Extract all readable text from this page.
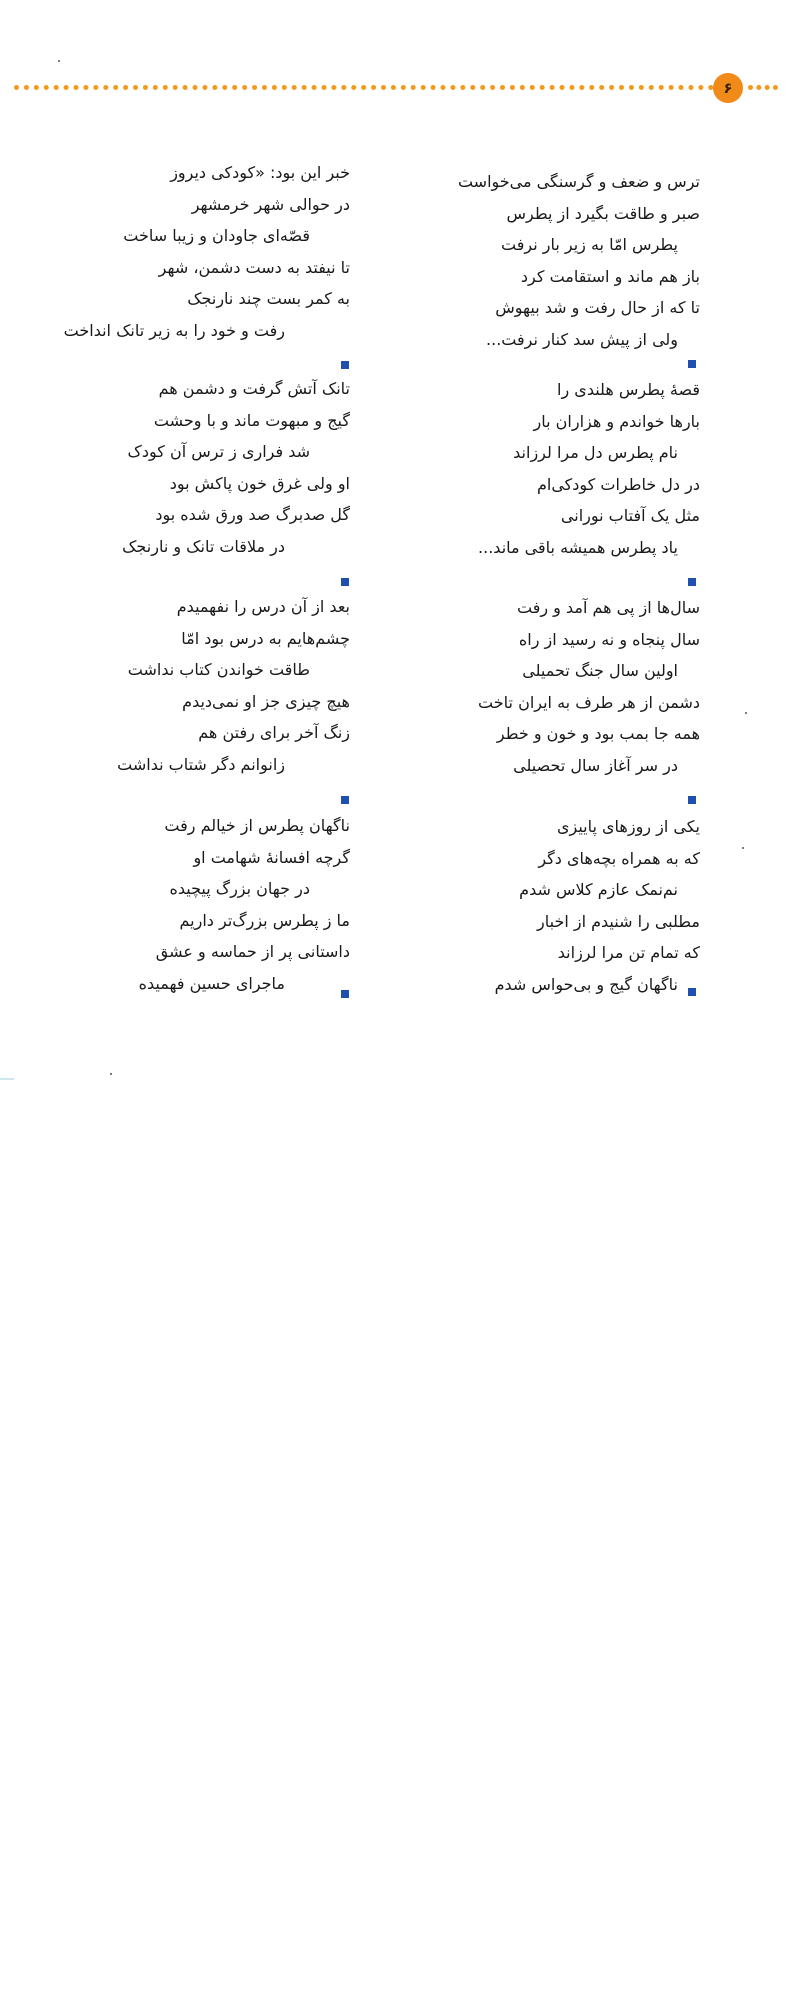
۶
ترس و ضعف و گرسنگی می‌خواست
صبر و طاقت بگیرد از پطرس
پطرس امّا به زیر بار نرفت
باز هم ماند و استقامت کرد
تا که از حال رفت و شد بیهوش
ولی از پیش سد کنار نرفت...
قصهٔ پطرس هلندی را
بارها خواندم و هزاران بار
نام پطرس دل مرا لرزاند
در دل خاطرات کودکی‌ام
مثل یک آفتاب نورانی
یاد پطرس همیشه باقی ماند...
سال‌ها از پی هم آمد و رفت
سال پنجاه و نه رسید از راه
اولین سال جنگ تحمیلی
دشمن از هر طرف به ایران تاخت
همه جا بمب بود و خون و خطر
در سر آغاز سال تحصیلی
یکی از روزهای پاییزی
که به همراه بچه‌های دگر
نم‌نمک عازم کلاس شدم
مطلبی را شنیدم از اخبار
که تمام تن مرا لرزاند
ناگهان گیج و بی‌حواس شدم
خبر این بود: «کودکی دیروز
در حوالی شهر خرمشهر
قصّه‌ای جاودان و زیبا ساخت
تا نیفتد به دست دشمن، شهر
به کمر بست چند نارنجک
رفت و خود را به زیر تانک انداخت
تانک آتش گرفت و دشمن هم
گیج و مبهوت ماند و با وحشت
شد فراری ز ترس آن کودک
او ولی غرق خون پاکش بود
گل صدبرگ صد ورق شده بود
در ملاقات تانک و نارنجک
بعد از آن درس را نفهمیدم
چشم‌هایم به درس بود امّا
طاقت خواندن کتاب نداشت
هیچ چیزی جز او نمی‌دیدم
زنگ آخر برای رفتن هم
زانوانم دگر شتاب نداشت
ناگهان پطرس از خیالم رفت
گرچه افسانهٔ شهامت او
در جهان بزرگ پیچیده
ما ز پطرس بزرگ‌تر داریم
داستانی پر از حماسه و عشق
ماجرای حسین فهمیده
